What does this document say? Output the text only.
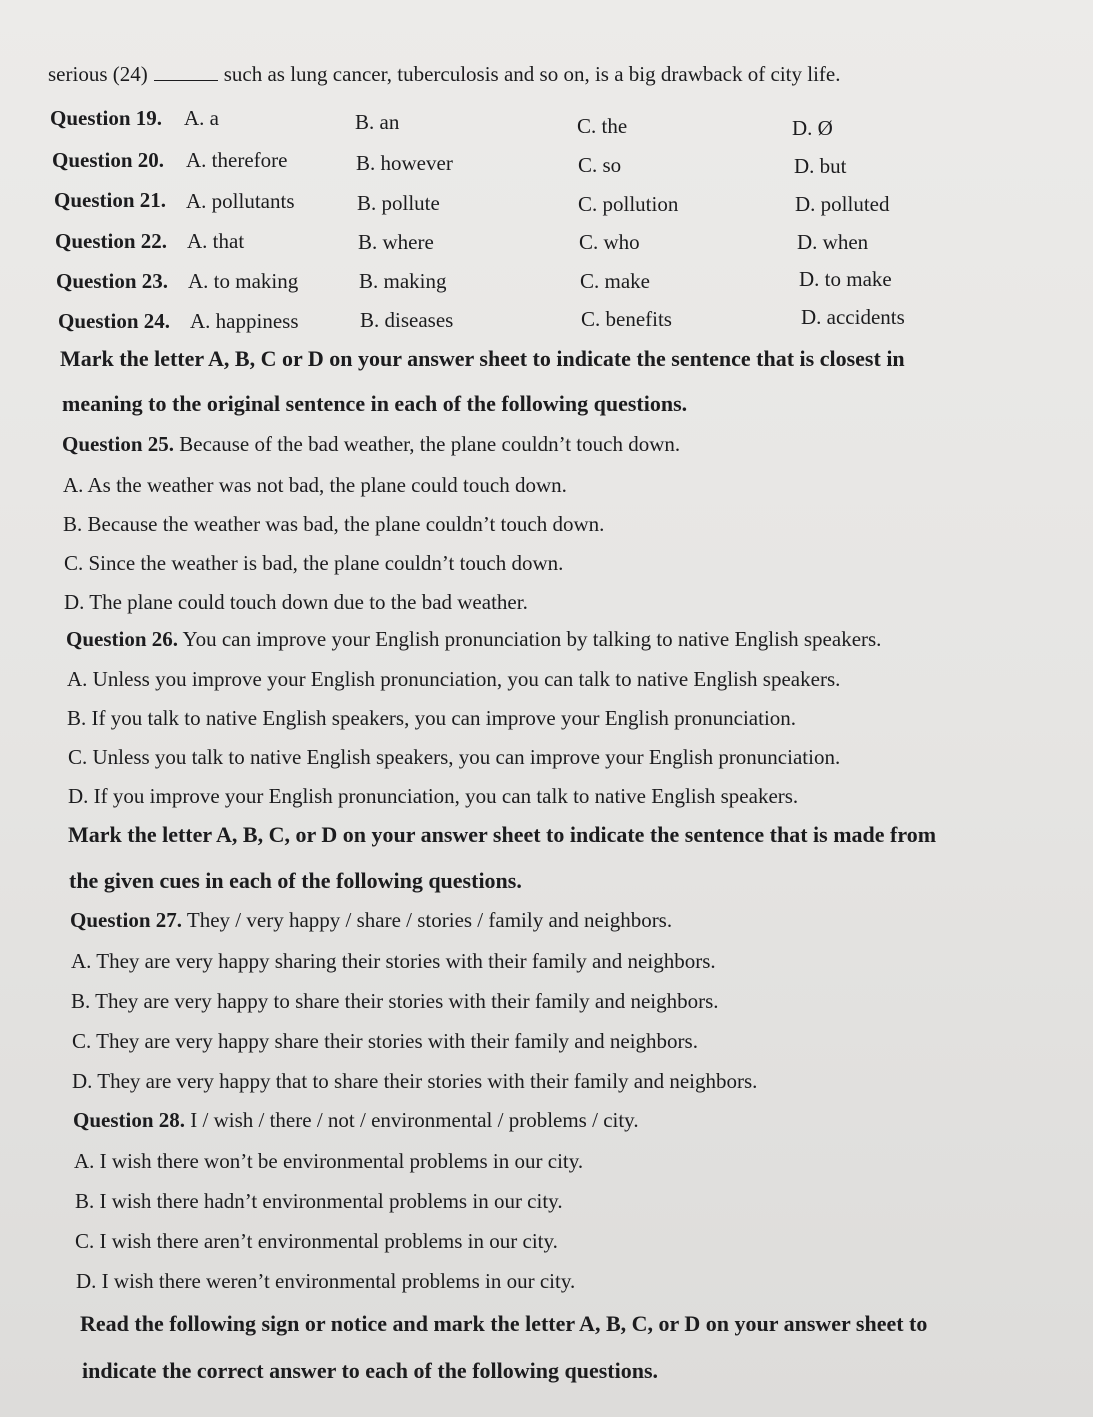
serious (24)	such as lung cancer, tuberculosis and so on, is a big drawback of city life.
Question 19. A. a	B. an	C. the	D. Ø
Question 20. A. therefore	B. however	C. so	D. but
Question 21. A. pollutants	B. pollute	C. pollution	D. polluted
Question 22. A. that	B. where	C. who	D. when
Question 23. A. to making	B. making	C. make	D. to make
Question 24. A. happiness	B. diseases	C. benefits	D. accidents
Mark the letter A, B, C or D on your answer sheet to indicate the sentence that is closest in
meaning to the original sentence in each of the following questions.
Question 25. Because of the bad weather, the plane couldn’t touch down.
A. As the weather was not bad, the plane could touch down.
B. Because the weather was bad, the plane couldn’t touch down.
C. Since the weather is bad, the plane couldn’t touch down.
D. The plane could touch down due to the bad weather.
Question 26. You can improve your English pronunciation by talking to native English speakers.
A. Unless you improve your English pronunciation, you can talk to native English speakers.
B. If you talk to native English speakers, you can improve your English pronunciation.
C. Unless you talk to native English speakers, you can improve your English pronunciation.
D. If you improve your English pronunciation, you can talk to native English speakers.
Mark the letter A, B, C, or D on your answer sheet to indicate the sentence that is made from
the given cues in each of the following questions.
Question 27. They / very happy / share / stories / family and neighbors.
A. They are very happy sharing their stories with their family and neighbors.
B. They are very happy to share their stories with their family and neighbors.
C. They are very happy share their stories with their family and neighbors.
D. They are very happy that to share their stories with their family and neighbors.
Question 28. I / wish / there / not / environmental / problems / city.
A. I wish there won’t be environmental problems in our city.
B. I wish there hadn’t environmental problems in our city.
C. I wish there aren’t environmental problems in our city.
D. I wish there weren’t environmental problems in our city.
Read the following sign or notice and mark the letter A, B, C, or D on your answer sheet to
indicate the correct answer to each of the following questions.
